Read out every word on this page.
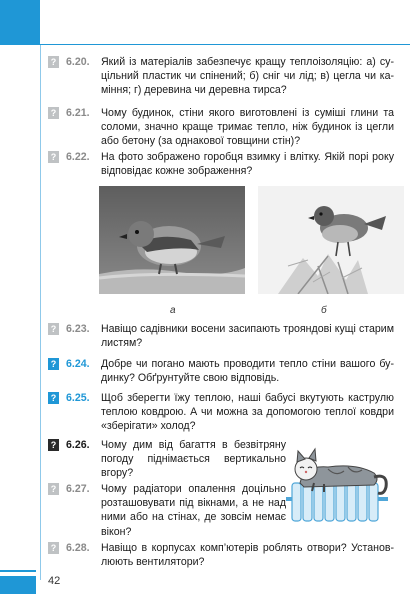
? 6.20. Який із матеріалів забезпечує кращу теплоізоляцію: а) суцільний пластик чи спінений; б) сніг чи лід; в) цегла чи каміння; г) деревина чи деревна тирса?
? 6.21. Чому будинок, стіни якого виготовлені із суміші глини та соломи, значно краще тримає тепло, ніж будинок із цегли або бетону (за однакової товщини стін)?
? 6.22. На фото зображено горобця взимку і влітку. Якій порі року відповідає кожне зображення?
а	б
? 6.23. Навіщо садівники восени засипають трояндові кущі старим листям?
? 6.24. Добре чи погано мають проводити тепло стіни вашого будинку? Обґрунтуйте свою відповідь.
? 6.25. Щоб зберегти їжу теплою, наші бабусі вкутують каструлю теплою ковдрою. А чи можна за допомогою теплої ковдри «зберігати» холод?
? 6.26. Чому дим від багаття в безвітряну погоду піднімається вертикально вгору?
? 6.27. Чому радіатори опалення доцільно розташовувати під вікнами, а не над ними або на стінах, де зовсім немає вікон?
? 6.28. Навіщо в корпусах комп’ютерів роблять отвори? Установлюють вентилятори?
42
